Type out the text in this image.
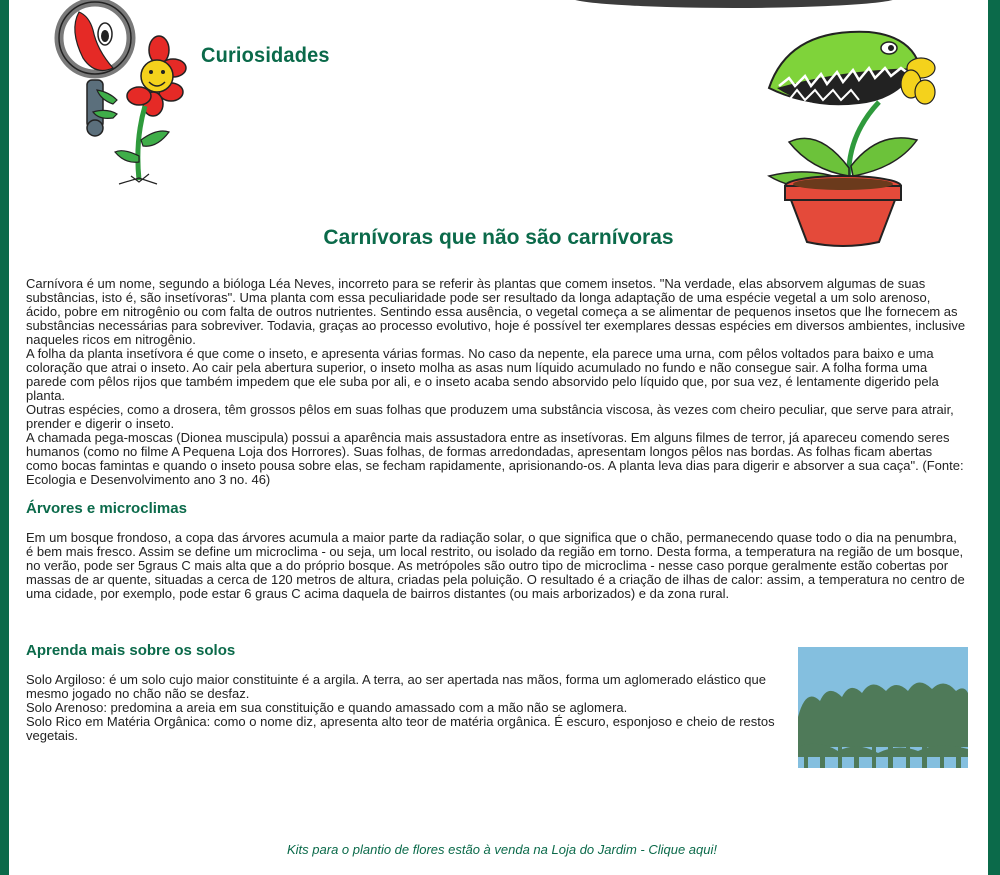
Curiosidades
Carnívoras que não são carnívoras

Carnívora é um nome, segundo a bióloga Léa Neves, incorreto para se referir às plantas que comem insetos. "Na verdade, elas absorvem algumas de suas substâncias, isto é, são insetívoras". Uma planta com essa peculiaridade pode ser resultado da longa adaptação de uma espécie vegetal a um solo arenoso, ácido, pobre em nitrogênio ou com falta de outros nutrientes. Sentindo essa ausência, o vegetal começa a se alimentar de pequenos insetos que lhe fornecem as substâncias necessárias para sobreviver. Todavia, graças ao processo evolutivo, hoje é possível ter exemplares dessas espécies em diversos ambientes, inclusive naqueles ricos em nitrogênio.

A folha da planta insetívora é que come o inseto, e apresenta várias formas. No caso da nepente, ela parece uma urna, com pêlos voltados para baixo e uma coloração que atrai o inseto. Ao cair pela abertura superior, o inseto molha as asas num líquido acumulado no fundo e não consegue sair. A folha forma uma parede com pêlos rijos que também impedem que ele suba por ali, e o inseto acaba sendo absorvido pelo líquido que, por sua vez, é lentamente digerido pela planta.

Outras espécies, como a drosera, têm grossos pêlos em suas folhas que produzem uma substância viscosa, às vezes com cheiro peculiar, que serve para atrair, prender e digerir o inseto.

A chamada pega-moscas (Dionea muscipula) possui a aparência mais assustadora entre as insetívoras. Em alguns filmes de terror, já apareceu comendo seres humanos (como no filme A Pequena Loja dos Horrores). Suas folhas, de formas arredondadas, apresentam longos pêlos nas bordas. As folhas ficam abertas como bocas famintas e quando o inseto pousa sobre elas, se fecham rapidamente, aprisionando-os. A planta leva dias para digerir e absorver a sua caça". (Fonte: Ecologia e Desenvolvimento ano 3 no. 46)

Árvores e microclimas

Em um bosque frondoso, a copa das árvores acumula a maior parte da radiação solar, o que significa que o chão, permanecendo quase todo o dia na penumbra, é bem mais fresco. Assim se define um microclima - ou seja, um local restrito, ou isolado da região em torno. Desta forma, a temperatura na região de um bosque, no verão, pode ser 5graus C mais alta que a do próprio bosque. As metrópoles são outro tipo de microclima - nesse caso porque geralmente estão cobertas por massas de ar quente, situadas a cerca de 120 metros de altura, criadas pela poluição. O resultado é a criação de ilhas de calor: assim, a temperatura no centro de uma cidade, por exemplo, pode estar 6 graus C acima daquela de bairros distantes (ou mais arborizados) e da zona rural.

Aprenda mais sobre os solos

Solo Argiloso: é um solo cujo maior constituinte é a argila. A terra, ao ser apertada nas mãos, forma um aglomerado elástico que mesmo jogado no chão não se desfaz.

Solo Arenoso: predomina a areia em sua constituição e quando amassado com a mão não se aglomera.

Solo Rico em Matéria Orgânica: como o nome diz, apresenta alto teor de matéria orgânica. É escuro, esponjoso e cheio de restos vegetais.

Kits para o plantio de flores estão à venda na Loja do Jardim - Clique aqui!
